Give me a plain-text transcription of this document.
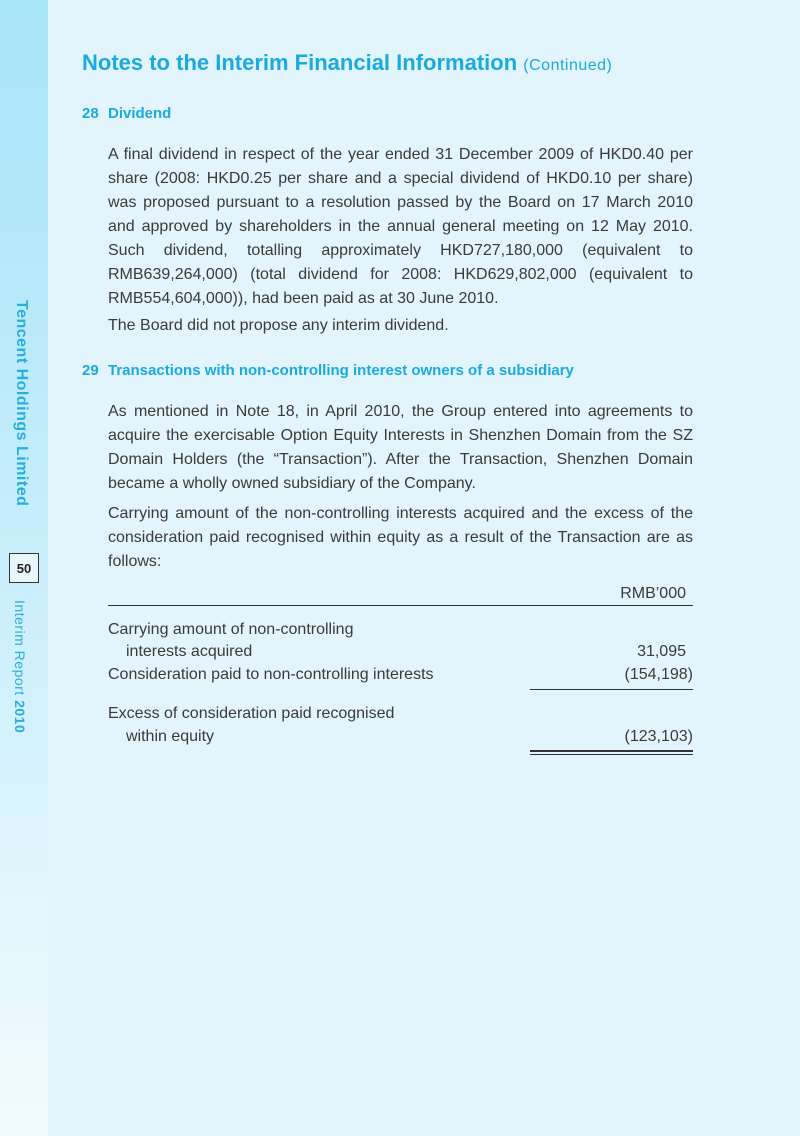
Tencent Holdings Limited
50
Interim Report 2010
Notes to the Interim Financial Information (Continued)
28 Dividend

A final dividend in respect of the year ended 31 December 2009 of HKD0.40 per share (2008: HKD0.25 per share and a special dividend of HKD0.10 per share) was proposed pursuant to a resolution passed by the Board on 17 March 2010 and approved by shareholders in the annual general meeting on 12 May 2010. Such dividend, totalling approximately HKD727,180,000 (equivalent to RMB639,264,000) (total dividend for 2008: HKD629,802,000 (equivalent to RMB554,604,000)), had been paid as at 30 June 2010.

The Board did not propose any interim dividend.

29 Transactions with non-controlling interest owners of a subsidiary

As mentioned in Note 18, in April 2010, the Group entered into agreements to acquire the exercisable Option Equity Interests in Shenzhen Domain from the SZ Domain Holders (the “Transaction”). After the Transaction, Shenzhen Domain became a wholly owned subsidiary of the Company.

Carrying amount of the non-controlling interests acquired and the excess of the consideration paid recognised within equity as a result of the Transaction are as follows:

RMB’000
Carrying amount of non-controlling
interests acquired	31,095
Consideration paid to non-controlling interests	(154,198)
Excess of consideration paid recognised
within equity	(123,103)
